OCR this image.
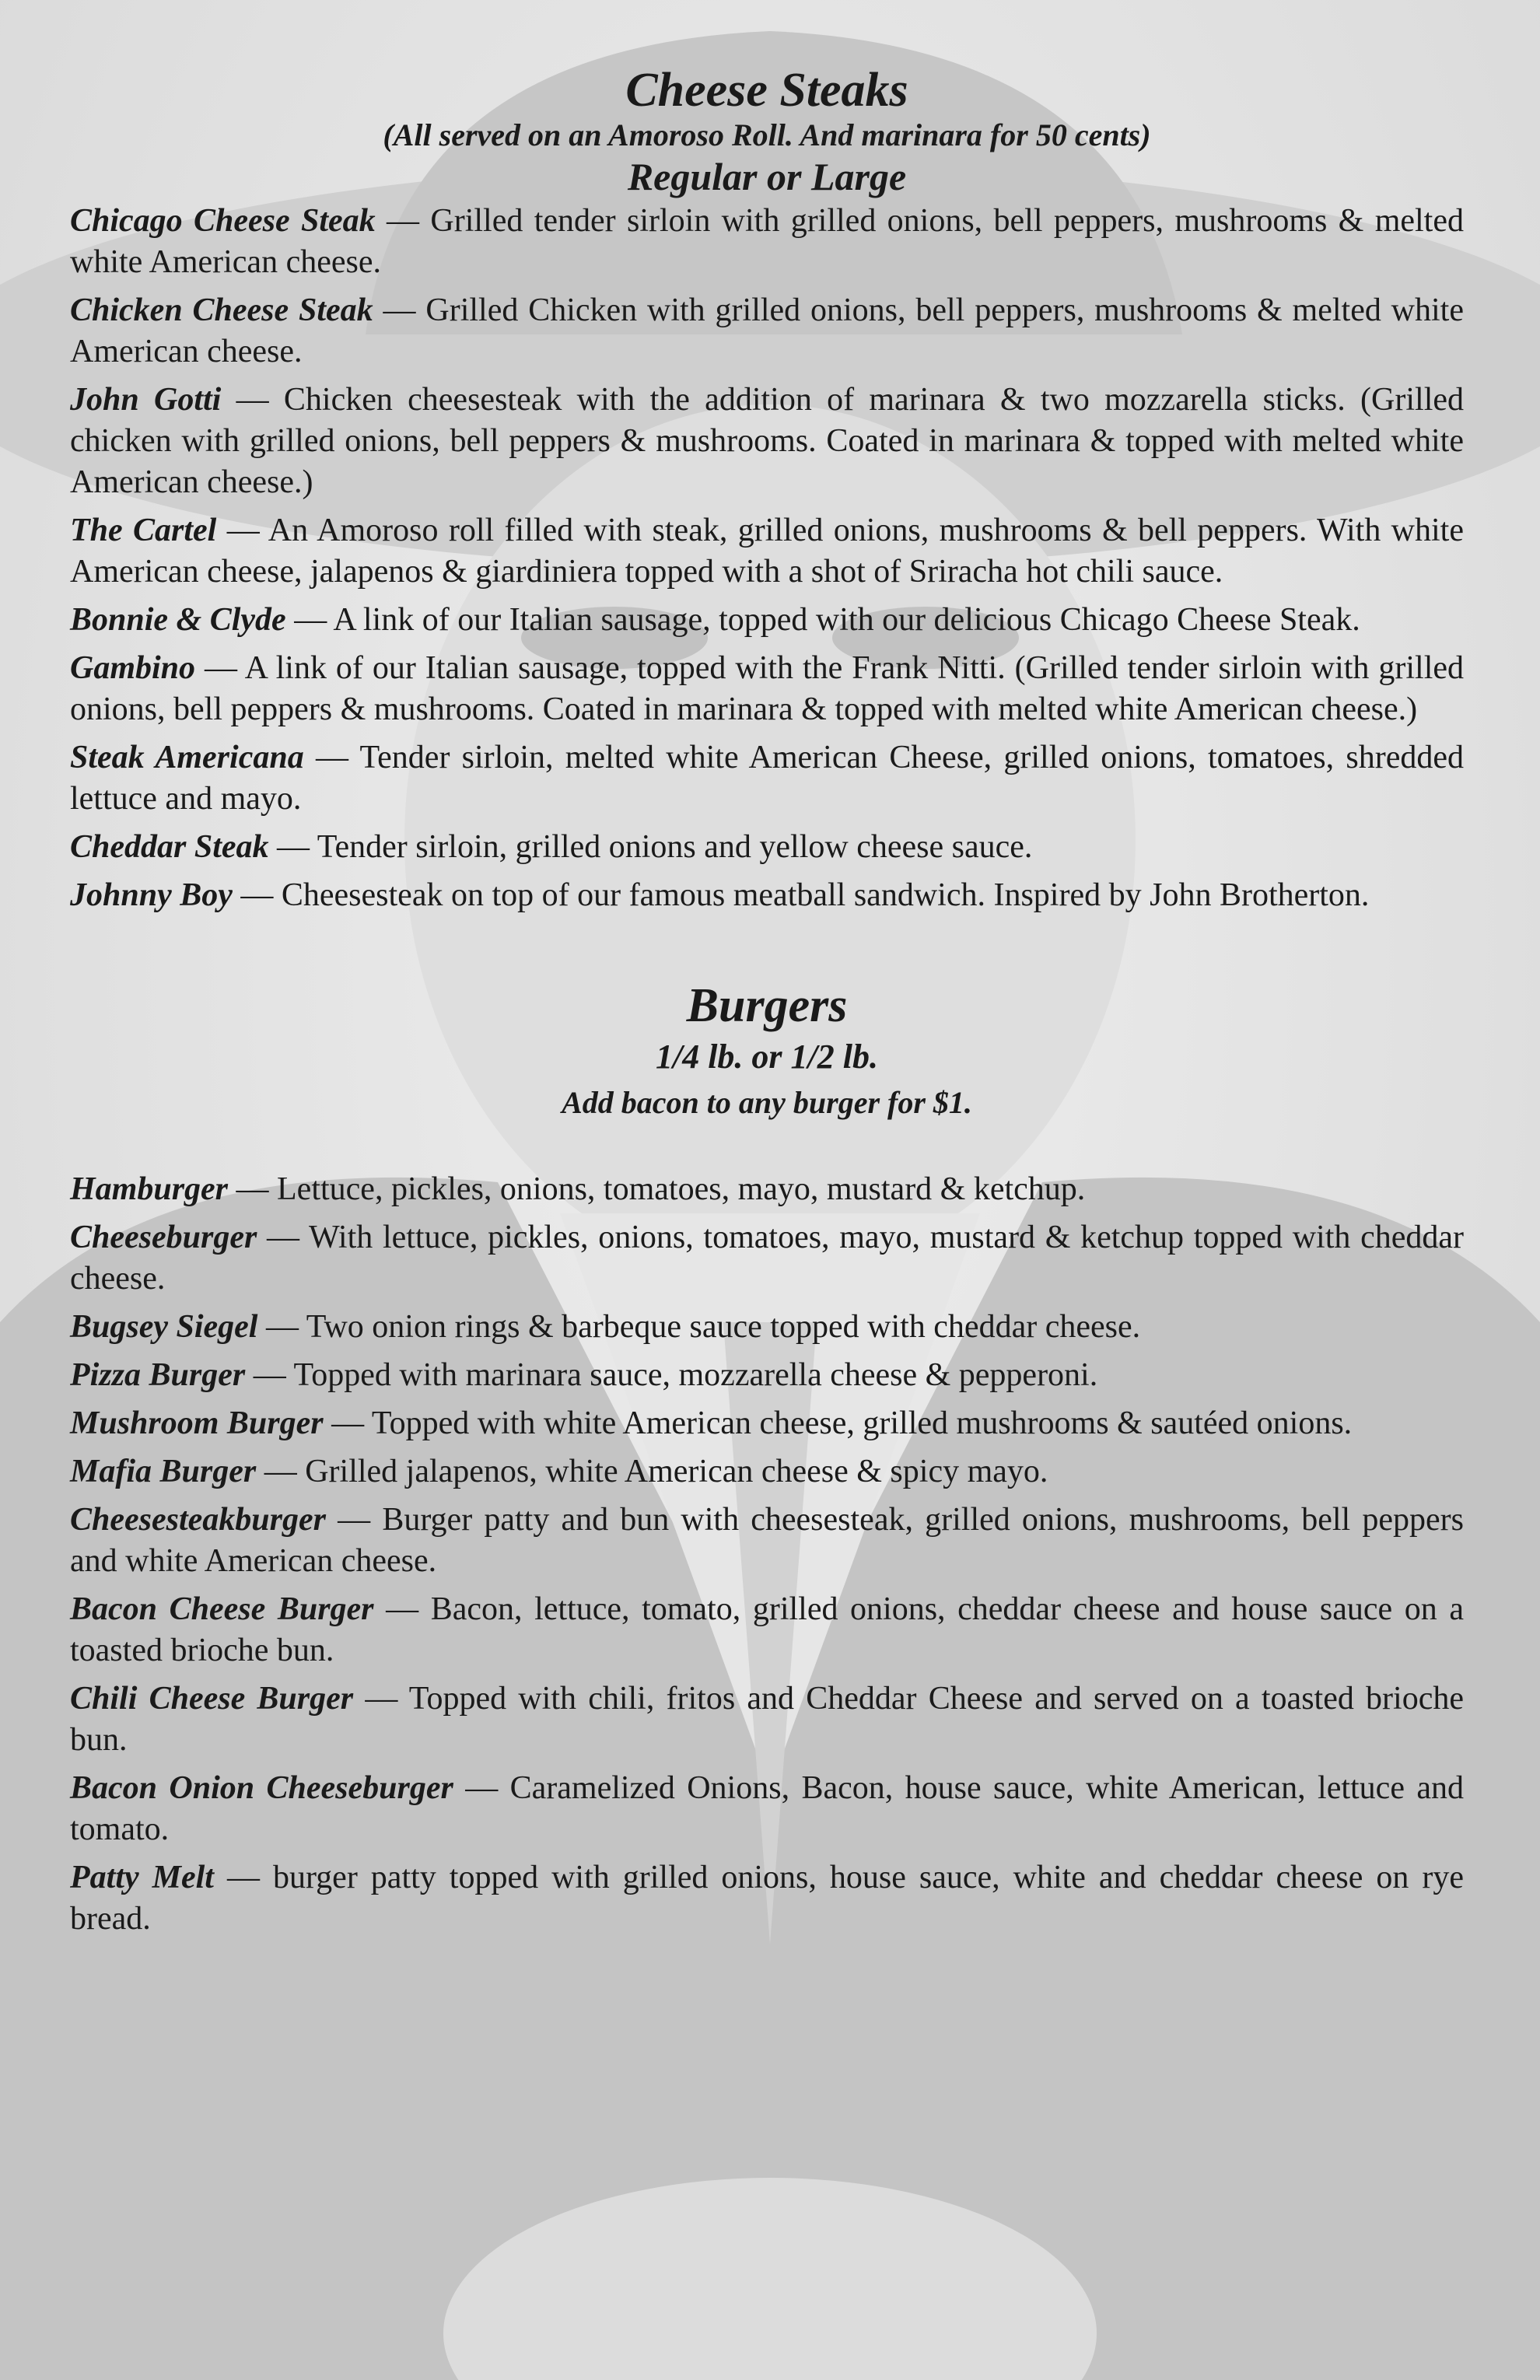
Cheese Steaks

(All served on an Amoroso Roll. And marinara for 50 cents)

Regular or Large

Chicago Cheese Steak — Grilled tender sirloin with grilled onions, bell peppers, mushrooms & melted white American cheese.

Chicken Cheese Steak — Grilled Chicken with grilled onions, bell peppers, mushrooms & melted white American cheese.

John Gotti — Chicken cheesesteak with the addition of marinara & two mozzarella sticks. (Grilled chicken with grilled onions, bell peppers & mushrooms. Coated in marinara & topped with melted white American cheese.)

The Cartel — An Amoroso roll filled with steak, grilled onions, mushrooms & bell peppers. With white American cheese, jalapenos & giardiniera topped with a shot of Sriracha hot chili sauce.

Bonnie & Clyde — A link of our Italian sausage, topped with our delicious Chicago Cheese Steak.

Gambino — A link of our Italian sausage, topped with the Frank Nitti. (Grilled tender sirloin with grilled onions, bell peppers & mushrooms. Coated in marinara & topped with melted white American cheese.)

Steak Americana — Tender sirloin, melted white American Cheese, grilled onions, tomatoes, shredded lettuce and mayo.

Cheddar Steak — Tender sirloin, grilled onions and yellow cheese sauce.

Johnny Boy — Cheesesteak on top of our famous meatball sandwich. Inspired by John Brotherton.

Burgers

1/4 lb. or 1/2 lb.

Add bacon to any burger for $1.

Hamburger — Lettuce, pickles, onions, tomatoes, mayo, mustard & ketchup.

Cheeseburger — With lettuce, pickles, onions, tomatoes, mayo, mustard & ketchup topped with cheddar cheese.

Bugsey Siegel — Two onion rings & barbeque sauce topped with cheddar cheese.

Pizza Burger — Topped with marinara sauce, mozzarella cheese & pepperoni.

Mushroom Burger — Topped with white American cheese, grilled mushrooms & sautéed onions.

Mafia Burger — Grilled jalapenos, white American cheese & spicy mayo.

Cheesesteakburger — Burger patty and bun with cheesesteak, grilled onions, mushrooms, bell peppers and white American cheese.

Bacon Cheese Burger — Bacon, lettuce, tomato, grilled onions, cheddar cheese and house sauce on a toasted brioche bun.

Chili Cheese Burger — Topped with chili, fritos and Cheddar Cheese and served on a toasted brioche bun.

Bacon Onion Cheeseburger — Caramelized Onions, Bacon, house sauce, white American, lettuce and tomato.

Patty Melt — burger patty topped with grilled onions, house sauce, white and cheddar cheese on rye bread.
